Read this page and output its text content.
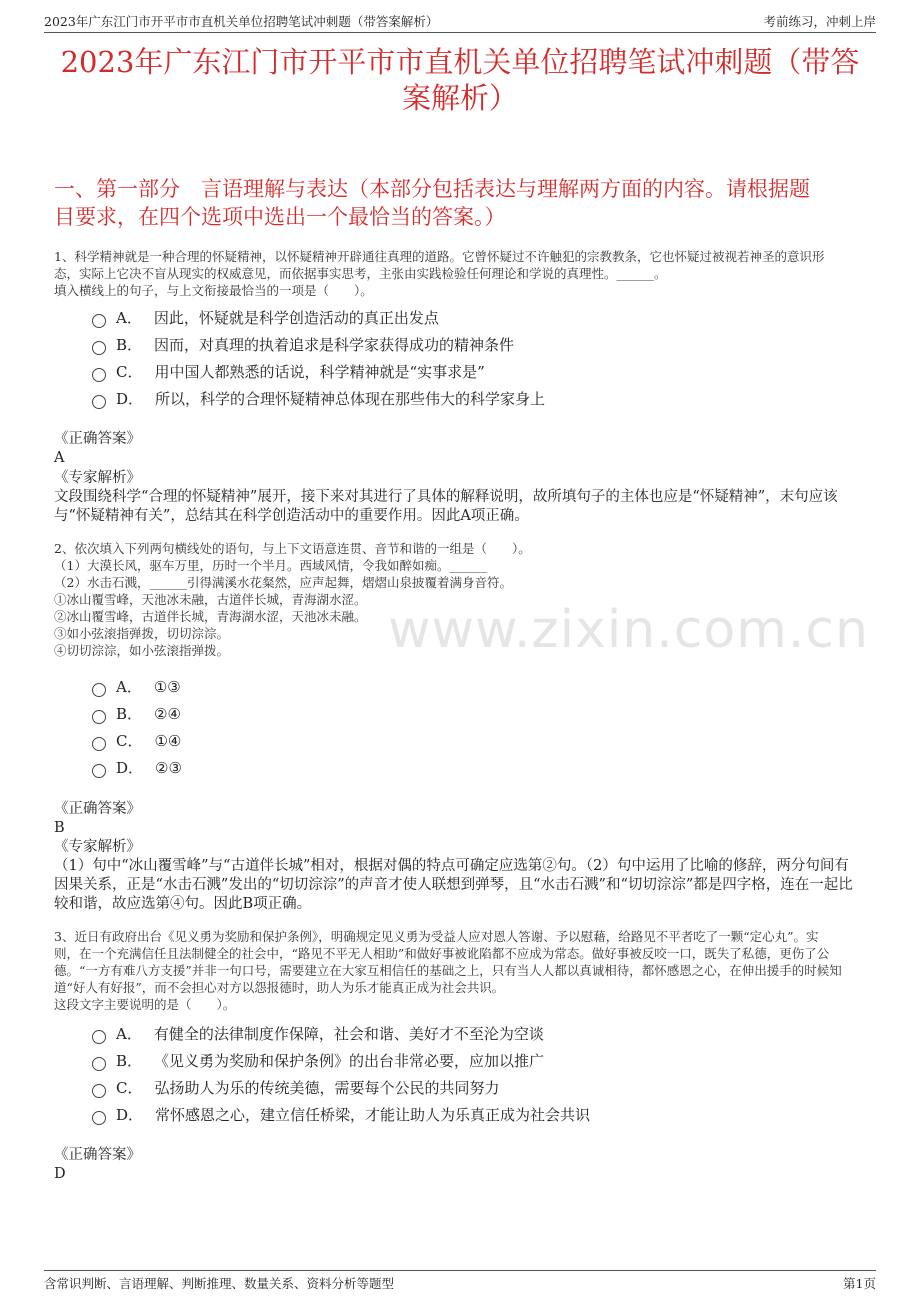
2023年广东江门市开平市市直机关单位招聘笔试冲刺题（带答案解析）	考前练习，冲刺上岸
2023年广东江门市开平市市直机关单位招聘笔试冲刺题（带答
案解析）
一、第一部分　言语理解与表达（本部分包括表达与理解两方面的内容。请根据题
目要求，在四个选项中选出一个最恰当的答案。）
www.zixin.com.cn

1、科学精神就是一种合理的怀疑精神，以怀疑精神开辟通往真理的道路。它曾怀疑过不许触犯的宗教教条，它也怀疑过被视若神圣的意识形

态，实际上它决不盲从现实的权威意见，而依据事实思考，主张由实践检验任何理论和学说的真理性。______。

填入横线上的句子，与上文衔接最恰当的一项是（　　）。

A． 因此，怀疑就是科学创造活动的真正出发点
B． 因而，对真理的执着追求是科学家获得成功的精神条件
C． 用中国人都熟悉的话说，科学精神就是“实事求是”
D． 所以，科学的合理怀疑精神总体现在那些伟大的科学家身上

《正确答案》

A

《专家解析》

文段围绕科学“合理的怀疑精神”展开，接下来对其进行了具体的解释说明，故所填句子的主体也应是“怀疑精神”，末句应该

与“怀疑精神有关”，总结其在科学创造活动中的重要作用。因此A项正确。

2、依次填入下列两句横线处的语句，与上下文语意连贯、音节和谐的一组是（　　）。

（1）大漠长风，驱车万里，历时一个半月。西域风情，令我如醉如痴。______

（2）水击石溅，______引得满溪水花粲然，应声起舞，熠熠山泉披覆着满身音符。

①冰山覆雪峰，天池冰未融，古道伴长城，青海湖水涩。

②冰山覆雪峰，古道伴长城，青海湖水涩，天池冰未融。

③如小弦滚指弹拨，切切淙淙。

④切切淙淙，如小弦滚指弹拨。

A． ①③
B． ②④
C． ①④
D． ②③

《正确答案》

B

《专家解析》

（1）句中“冰山覆雪峰”与“古道伴长城”相对，根据对偶的特点可确定应选第②句。（2）句中运用了比喻的修辞，两分句间有

因果关系，正是“水击石溅”发出的“切切淙淙”的声音才使人联想到弹琴，且“水击石溅”和“切切淙淙”都是四字格，连在一起比

较和谐，故应选第④句。因此B项正确。

3、近日有政府出台《见义勇为奖励和保护条例》，明确规定见义勇为受益人应对恩人答谢、予以慰藉，给路见不平者吃了一颗“定心丸”。实

则，在一个充满信任且法制健全的社会中，“路见不平无人相助”和做好事被讹陷都不应成为常态。做好事被反咬一口，既失了私德，更伤了公

德。“一方有难八方支援”并非一句口号，需要建立在大家互相信任的基础之上，只有当人人都以真诚相待，都怀感恩之心，在伸出援手的时候知

道“好人有好报”，而不会担心对方以怨报德时，助人为乐才能真正成为社会共识。

这段文字主要说明的是（　　）。

A． 有健全的法律制度作保障，社会和谐、美好才不至沦为空谈
B． 《见义勇为奖励和保护条例》的出台非常必要，应加以推广
C． 弘扬助人为乐的传统美德，需要每个公民的共同努力
D． 常怀感恩之心，建立信任桥梁，才能让助人为乐真正成为社会共识

《正确答案》

D

含常识判断、言语理解、判断推理、数量关系、资料分析等题型	第1页
